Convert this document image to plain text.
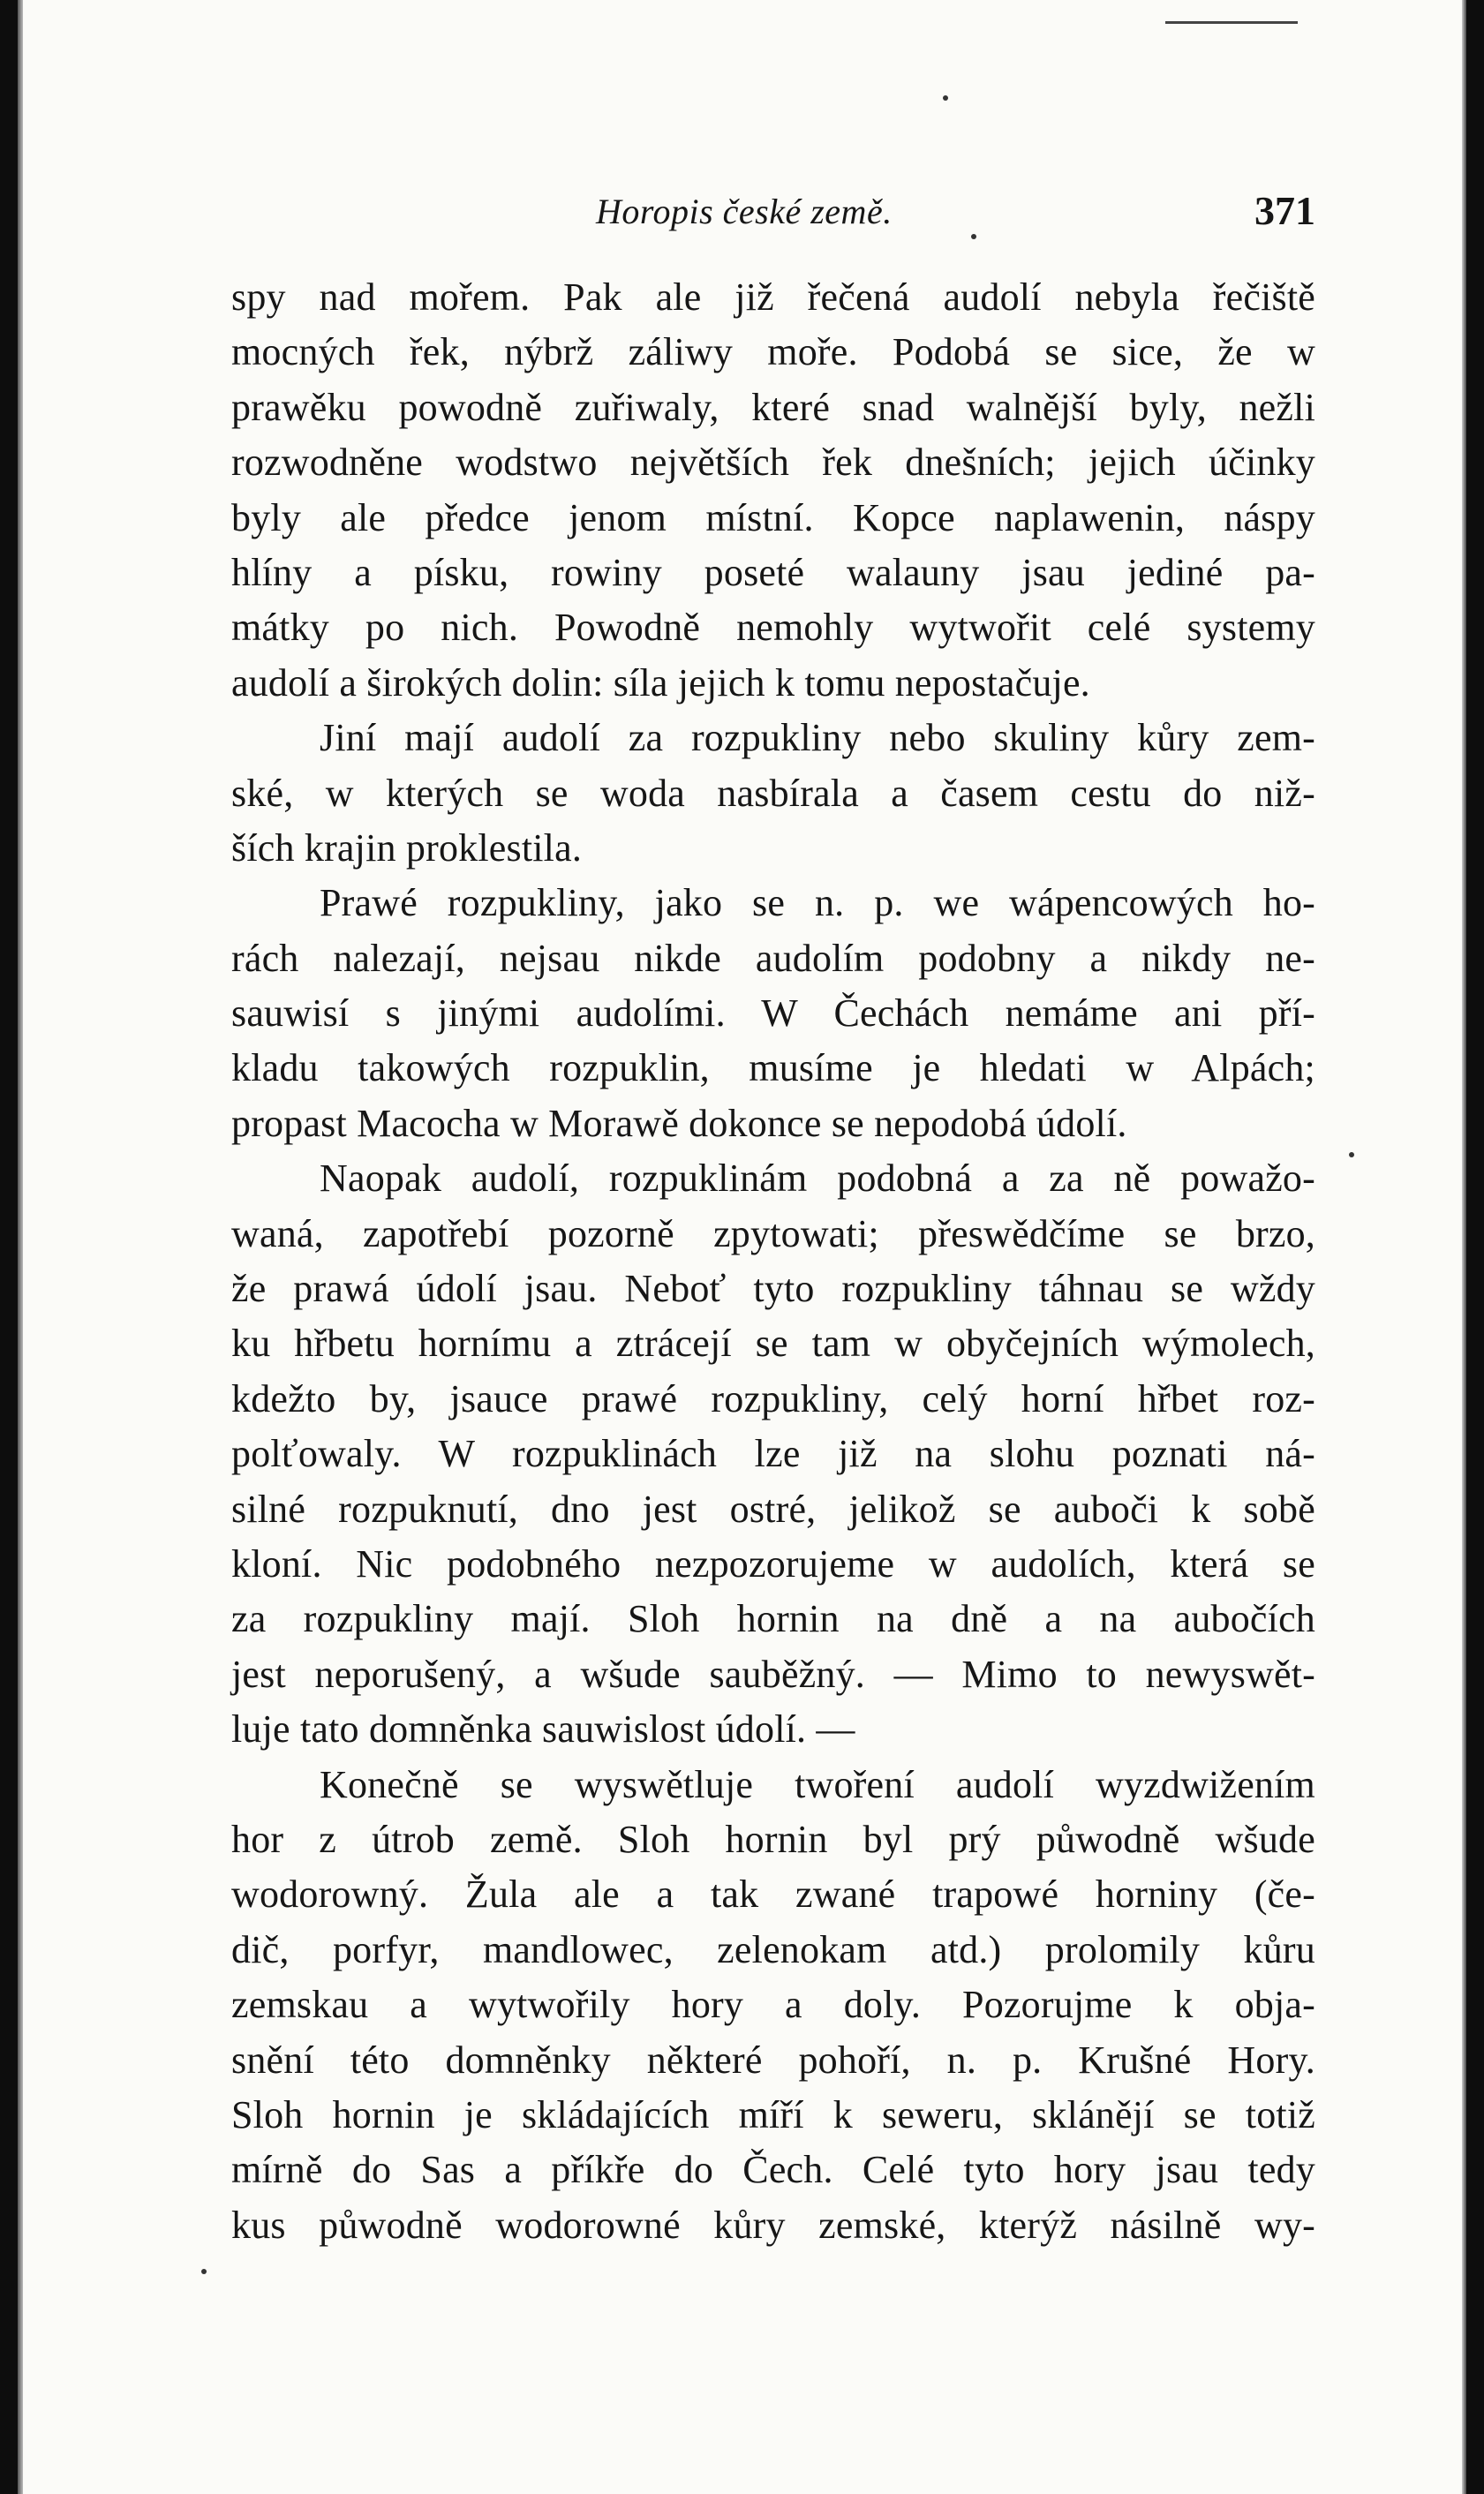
Horopis české země.	371
spy nad mořem. Pak ale již řečená audolí nebyla řečiště
mocných řek, nýbrž záliwy moře. Podobá se sice, že w
prawěku powodně zuřiwaly, které snad walnější byly, nežli
rozwodněne wodstwo největších řek dnešních; jejich účinky
byly ale předce jenom místní. Kopce naplawenin, náspy
hlíny a písku, rowiny poseté walauny jsau jediné pa-
mátky po nich. Powodně nemohly wytwořit celé systemy
audolí a širokých dolin: síla jejich k tomu nepostačuje.
Jiní mají audolí za rozpukliny nebo skuliny kůry zem-
ské, w kterých se woda nasbírala a časem cestu do niž-
ších krajin proklestila.
Prawé rozpukliny, jako se n. p. we wápencowých ho-
rách nalezají, nejsau nikde audolím podobny a nikdy ne-
sauwisí s jinými audolími. W Čechách nemáme ani pří-
kladu takowých rozpuklin, musíme je hledati w Alpách;
propast Macocha w Morawě dokonce se nepodobá údolí.
Naopak audolí, rozpuklinám podobná a za ně powažo-
waná, zapotřebí pozorně zpytowati; přeswědčíme se brzo,
že prawá údolí jsau. Neboť tyto rozpukliny táhnau se wždy
ku hřbetu hornímu a ztrácejí se tam w obyčejních wýmolech,
kdežto by, jsauce prawé rozpukliny, celý horní hřbet roz-
polťowaly. W rozpuklinách lze již na slohu poznati ná-
silné rozpuknutí, dno jest ostré, jelikož se auboči k sobě
kloní. Nic podobného nezpozorujeme w audolích, která se
za rozpukliny mají. Sloh hornin na dně a na aubočích
jest neporušený, a wšude sauběžný. — Mimo to newyswět-
luje tato domněnka sauwislost údolí. —
Konečně se wyswětluje twoření audolí wyzdwižením
hor z útrob země. Sloh hornin byl prý půwodně wšude
wodorowný. Žula ale a tak zwané trapowé horniny (če-
dič, porfyr, mandlowec, zelenokam atd.) prolomily kůru
zemskau a wytwořily hory a doly. Pozorujme k obja-
snění této domněnky některé pohoří, n. p. Krušné Hory.
Sloh hornin je skládajících míří k sewеru, skláněјí se totiž
mírně do Sas a příkře do Čech. Celé tyto hory jsau tedy
kus půwodně wodorowné kůry zemské, kterýž násilně wy-
